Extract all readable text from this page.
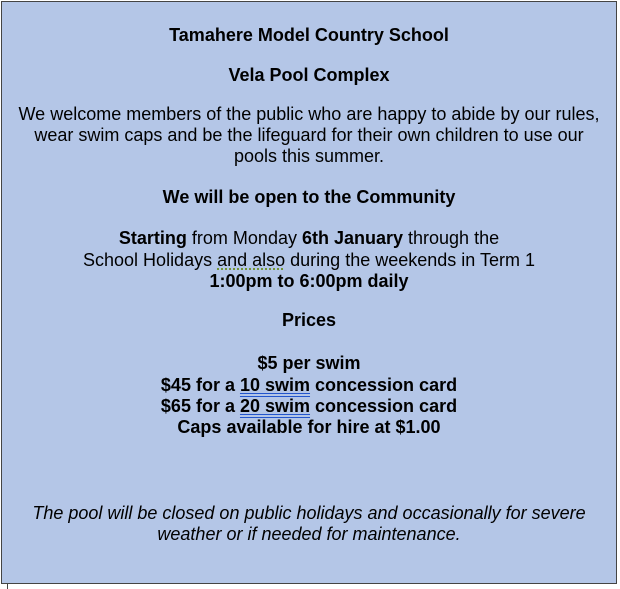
Tamahere Model Country School
Vela Pool Complex
We welcome members of the public who are happy to abide by our rules, wear swim caps and be the lifeguard for their own children to use our pools this summer.
We will be open to the Community
Starting from Monday 6th January through the
School Holidays and also during the weekends in Term 1
1:00pm to 6:00pm daily
Prices
$5 per swim
$45 for a 10 swim concession card
$65 for a 20 swim concession card
Caps available for hire at $1.00
The pool will be closed on public holidays and occasionally for severe weather or if needed for maintenance.
